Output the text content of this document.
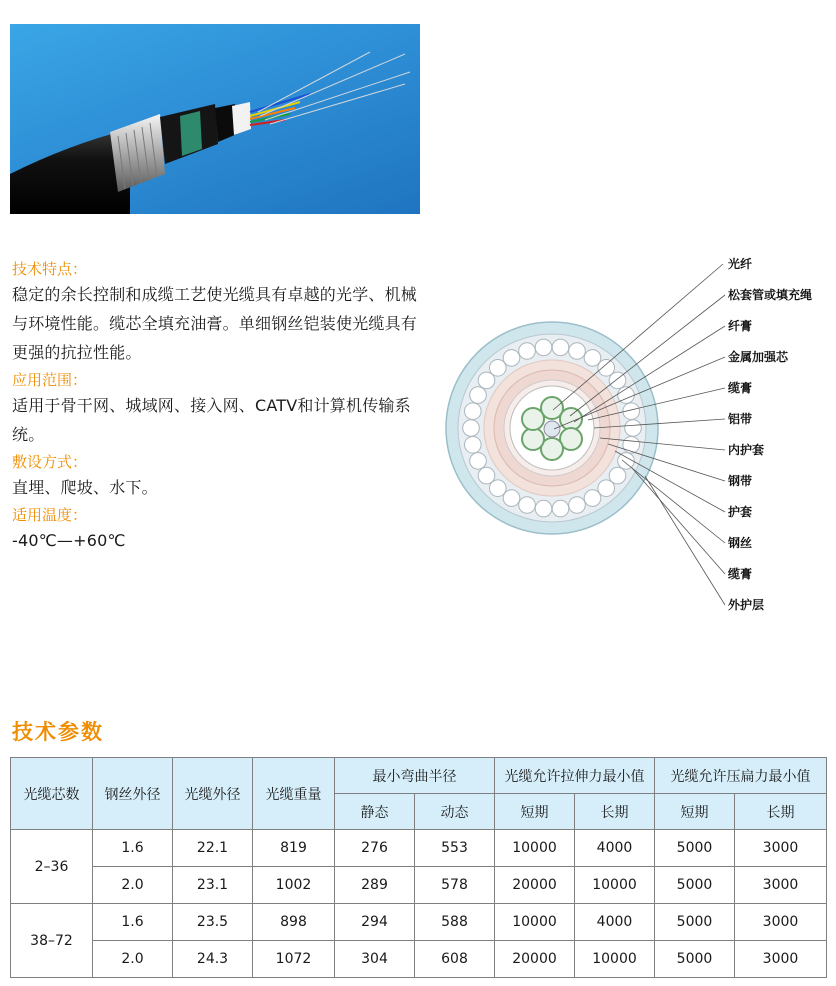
技术特点：

稳定的余长控制和成缆工艺使光缆具有卓越的光学、机械与环境性能。缆芯全填充油膏。单细钢丝铠装使光缆具有更强的抗拉性能。

应用范围：

适用于骨干网、城域网、接入网、CATV和计算机传输系统。

敷设方式：

直埋、爬坡、水下。

适用温度：

-40℃—+60℃

光纤
松套管或填充绳
纤膏
金属加强芯
缆膏
铝带
内护套
钢带
护套
钢丝
缆膏
外护层
技术参数
光缆芯数	钢丝外径	光缆外径	光缆重量	最小弯曲半径		光缆允许拉伸力最小值		光缆允许压扁力最小值	
				静态	动态	短期	长期	短期	长期
2–36	1.6	22.1	819	276	553	10000	4000	5000	3000
	2.0	23.1	1002	289	578	20000	10000	5000	3000
38–72	1.6	23.5	898	294	588	10000	4000	5000	3000
	2.0	24.3	1072	304	608	20000	10000	5000	3000
